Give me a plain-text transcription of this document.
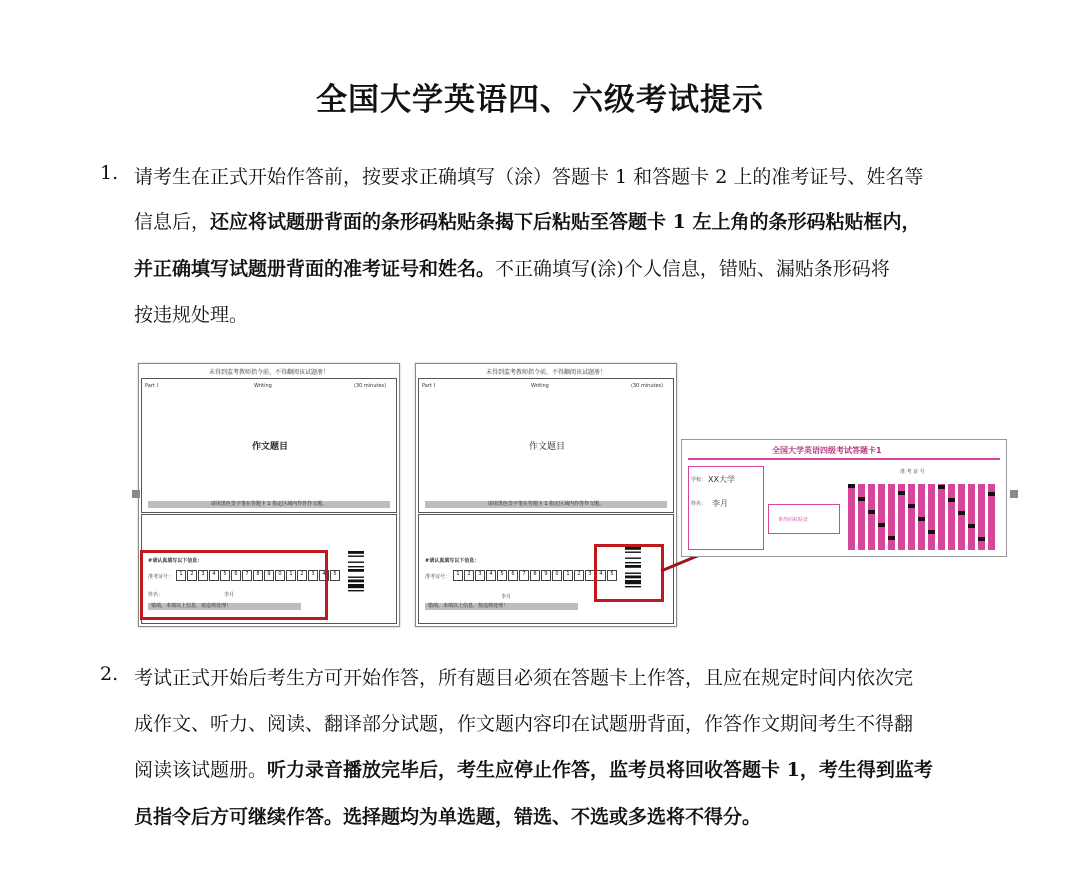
全国大学英语四、六级考试提示
1. 请考生在正式开始作答前，按要求正确填写（涂）答题卡 1 和答题卡 2 上的准考证号、姓名等
信息后，还应将试题册背面的条形码粘贴条揭下后粘贴至答题卡 1 左上角的条形码粘贴框内，
并正确填写试题册背面的准考证号和姓名。不正确填写(涂)个人信息，错贴、漏贴条形码将
按违规处理。
未得到监考教师指令前，不得翻阅该试题册！
Part I	Writing	(30 minutes)
作文题目
请用黑色签字笔在答题卡 1 指定区域内作答作文题。
#请认真填写以下信息：
准考证号：	1	2	3	4	5	6	7	8	9	0	1	2	3	4	5
姓名：	李月
错填、未填以上信息，按违规处理！
未得到监考教师指令前，不得翻阅该试题册！
Part I	Writing	(30 minutes)
作文题目
请用黑色签字笔在答题卡 1 指定区域内作答作文题。
#请认真填写以下信息：
准考证号：	1	2	3	4	5	6	7	8	9	0	1	2	3	4	5
李月
错填、未填以上信息，按违规处理！
全国大学英语四级考试答题卡1
学校： XX大学
姓名： 李月
条形码粘贴处
准 考 证 号
2. 考试正式开始后考生方可开始作答，所有题目必须在答题卡上作答，且应在规定时间内依次完
成作文、听力、阅读、翻译部分试题，作文题内容印在试题册背面，作答作文期间考生不得翻
阅读该试题册。听力录音播放完毕后，考生应停止作答，监考员将回收答题卡 1，考生得到监考
员指令后方可继续作答。选择题均为单选题，错选、不选或多选将不得分。
